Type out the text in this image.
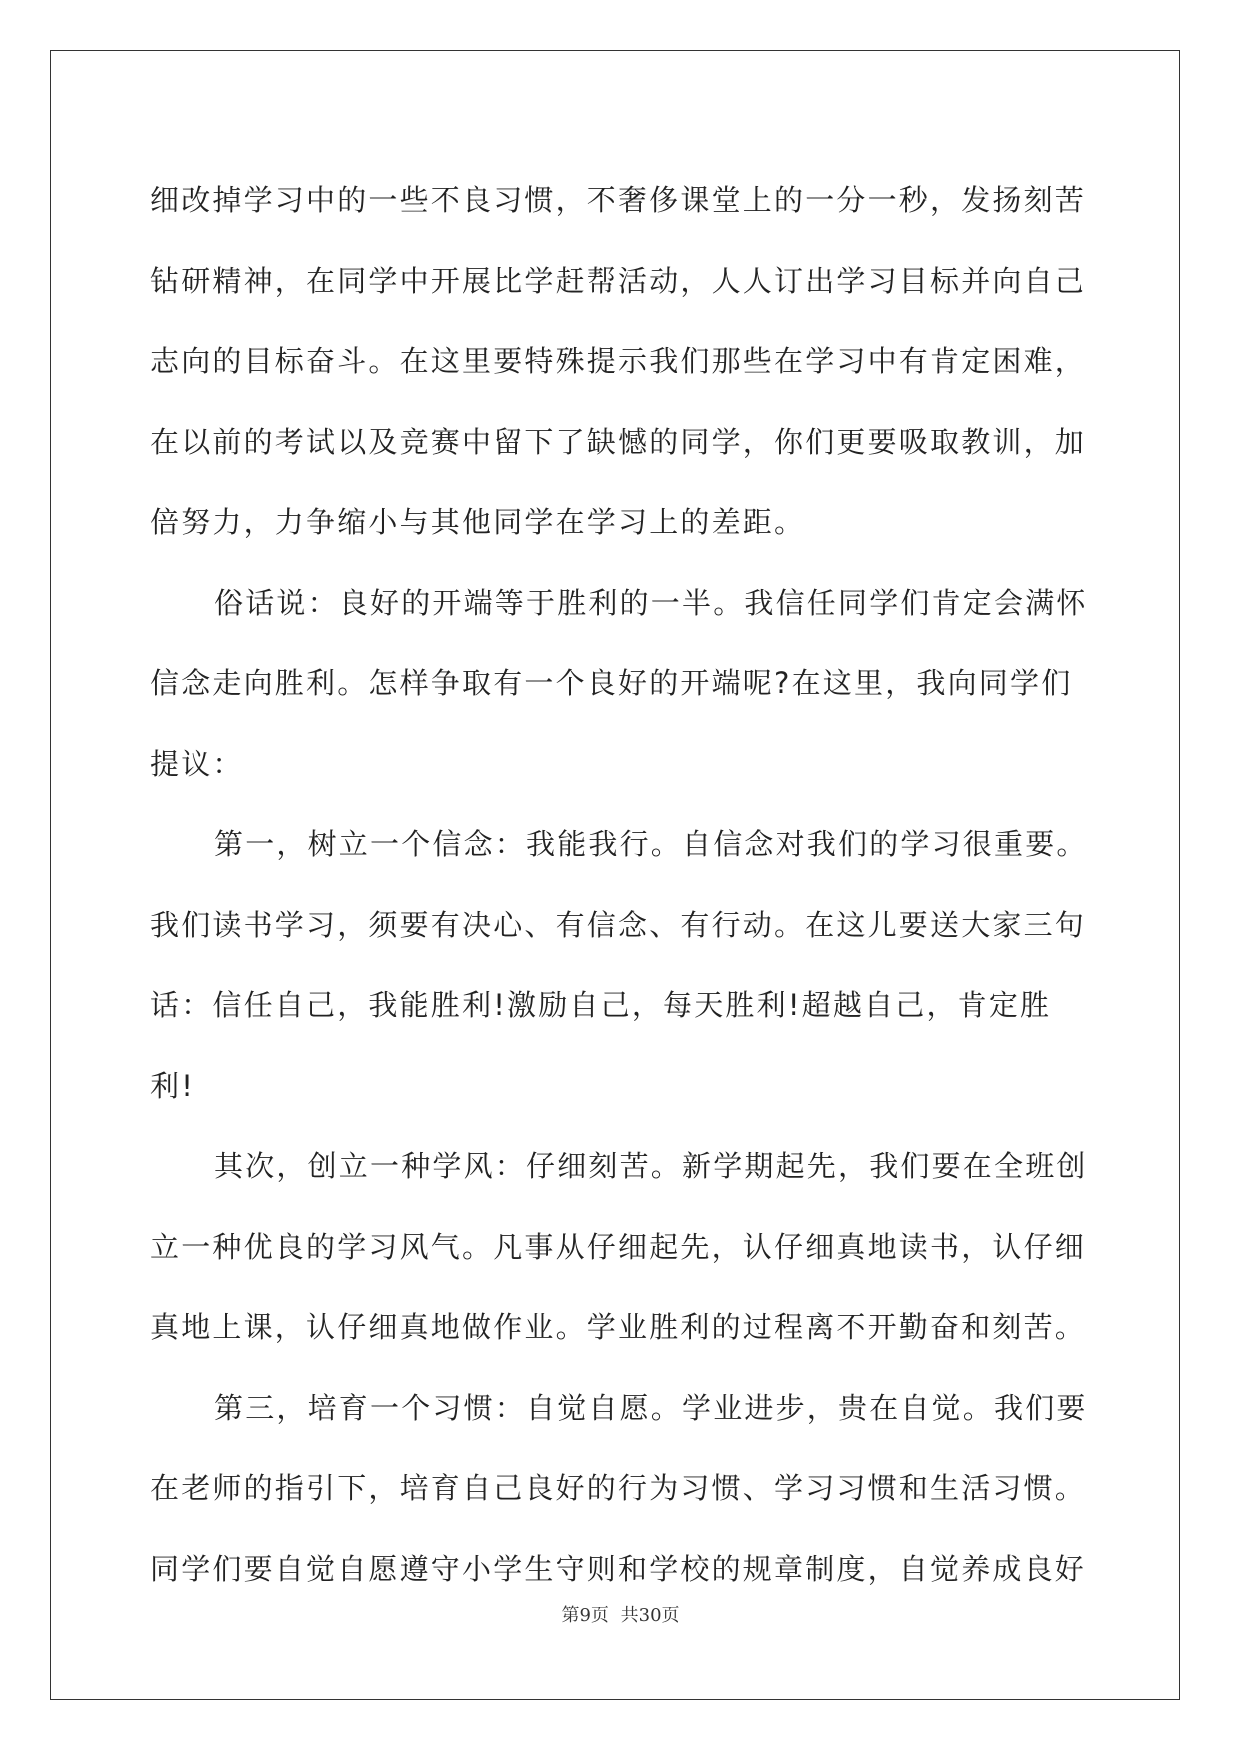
细改掉学习中的一些不良习惯，不奢侈课堂上的一分一秒，发扬刻苦钻研精神，在同学中开展比学赶帮活动，人人订出学习目标并向自己志向的目标奋斗。在这里要特殊提示我们那些在学习中有肯定困难，在以前的考试以及竞赛中留下了缺憾的同学，你们更要吸取教训，加倍努力，力争缩小与其他同学在学习上的差距。

俗话说：良好的开端等于胜利的一半。我信任同学们肯定会满怀信念走向胜利。怎样争取有一个良好的开端呢?在这里，我向同学们提议：

第一，树立一个信念：我能我行。自信念对我们的学习很重要。我们读书学习，须要有决心、有信念、有行动。在这儿要送大家三句话：信任自己，我能胜利!激励自己，每天胜利!超越自己，肯定胜利!

其次，创立一种学风：仔细刻苦。新学期起先，我们要在全班创立一种优良的学习风气。凡事从仔细起先，认仔细真地读书，认仔细真地上课，认仔细真地做作业。学业胜利的过程离不开勤奋和刻苦。

第三，培育一个习惯：自觉自愿。学业进步，贵在自觉。我们要在老师的指引下，培育自己良好的行为习惯、学习习惯和生活习惯。同学们要自觉自愿遵守小学生守则和学校的规章制度，自觉养成良好

第9页 共30页
